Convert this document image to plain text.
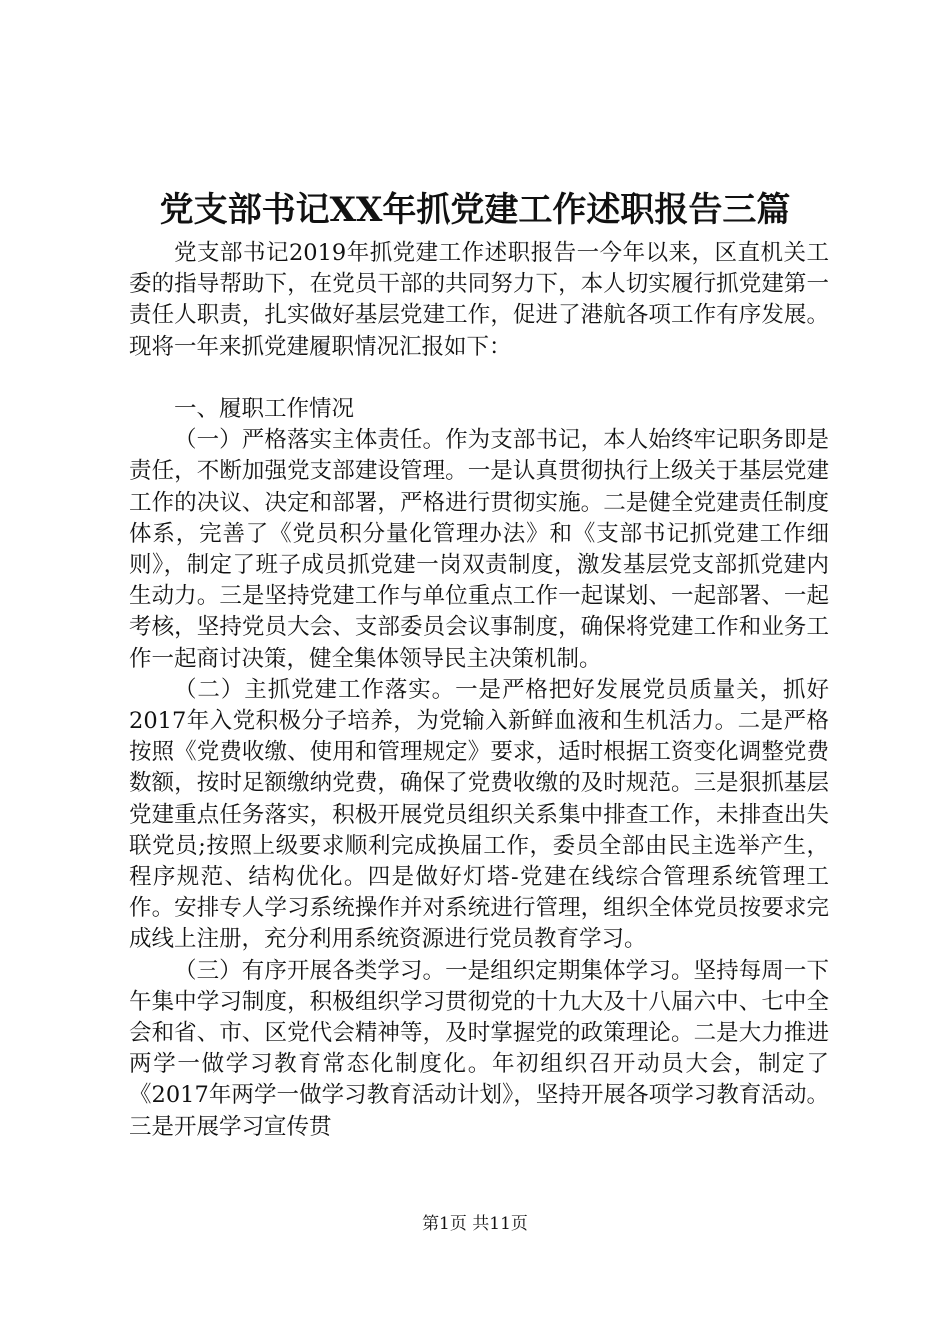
党支部书记XX年抓党建工作述职报告三篇

党支部书记2019年抓党建工作述职报告一今年以来，区直机关工委的指导帮助下，在党员干部的共同努力下，本人切实履行抓党建第一责任人职责，扎实做好基层党建工作，促进了港航各项工作有序发展。现将一年来抓党建履职情况汇报如下：

一、履职工作情况

（一）严格落实主体责任。作为支部书记，本人始终牢记职务即是责任，不断加强党支部建设管理。一是认真贯彻执行上级关于基层党建工作的决议、决定和部署，严格进行贯彻实施。二是健全党建责任制度体系，完善了《党员积分量化管理办法》和《支部书记抓党建工作细则》，制定了班子成员抓党建一岗双责制度，激发基层党支部抓党建内生动力。三是坚持党建工作与单位重点工作一起谋划、一起部署、一起考核，坚持党员大会、支部委员会议事制度，确保将党建工作和业务工作一起商讨决策，健全集体领导民主决策机制。

（二）主抓党建工作落实。一是严格把好发展党员质量关，抓好2017年入党积极分子培养，为党输入新鲜血液和生机活力。二是严格按照《党费收缴、使用和管理规定》要求，适时根据工资变化调整党费数额，按时足额缴纳党费，确保了党费收缴的及时规范。三是狠抓基层党建重点任务落实，积极开展党员组织关系集中排查工作，未排查出失联党员;按照上级要求顺利完成换届工作，委员全部由民主选举产生，程序规范、结构优化。四是做好灯塔-党建在线综合管理系统管理工作。安排专人学习系统操作并对系统进行管理，组织全体党员按要求完成线上注册，充分利用系统资源进行党员教育学习。

（三）有序开展各类学习。一是组织定期集体学习。坚持每周一下午集中学习制度，积极组织学习贯彻党的十九大及十八届六中、七中全会和省、市、区党代会精神等，及时掌握党的政策理论。二是大力推进两学一做学习教育常态化制度化。年初组织召开动员大会，制定了《2017年两学一做学习教育活动计划》，坚持开展各项学习教育活动。三是开展学习宣传贯

第1页 共11页
